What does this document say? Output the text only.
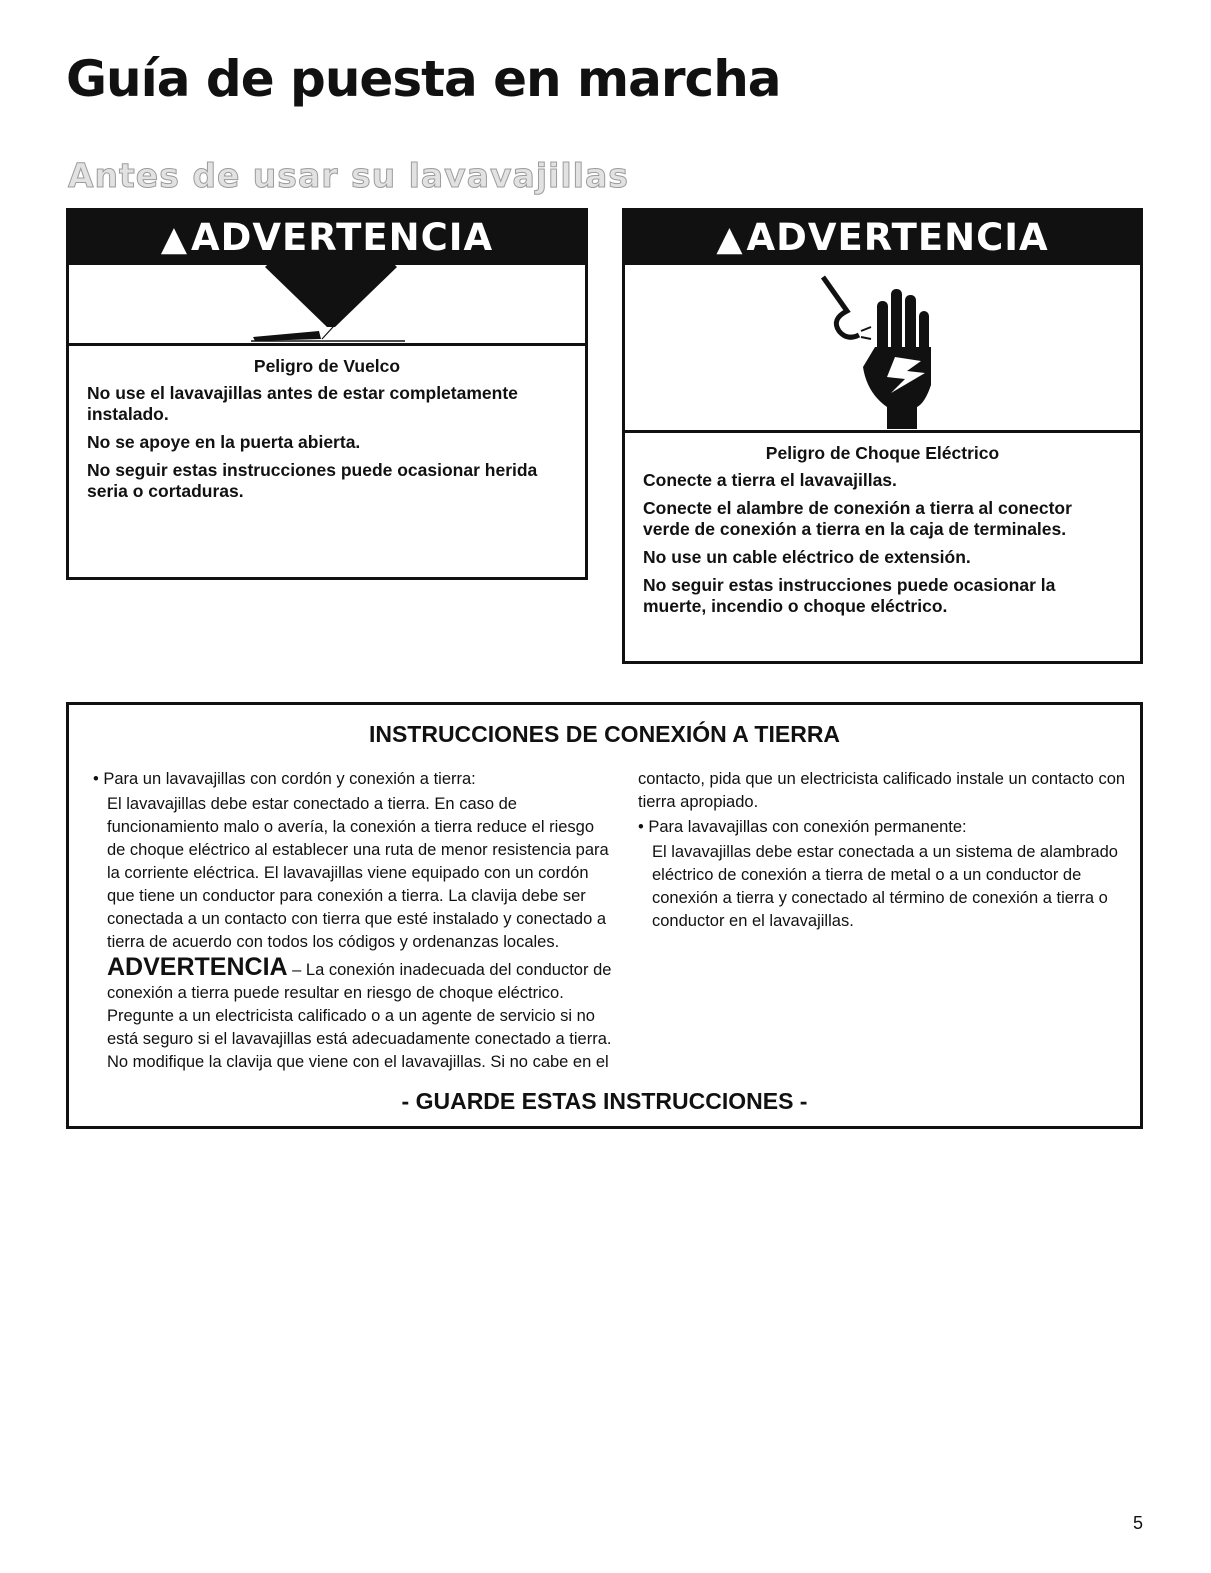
Guía de puesta en marcha
Antes de usar su lavavajillas
▲ADVERTENCIA
Peligro de Vuelco

No use el lavavajillas antes de estar completamente instalado.

No se apoye en la puerta abierta.

No seguir estas instrucciones puede ocasionar herida seria o cortaduras.

▲ADVERTENCIA
Peligro de Choque Eléctrico

Conecte a tierra el lavavajillas.

Conecte el alambre de conexión a tierra al conector verde de conexión a tierra en la caja de terminales.

No use un cable eléctrico de extensión.

No seguir estas instrucciones puede ocasionar la muerte, incendio o choque eléctrico.

INSTRUCCIONES DE CONEXIÓN A TIERRA

• Para un lavavajillas con cordón y conexión a tierra:

El lavavajillas debe estar conectado a tierra. En caso de funcionamiento malo o avería, la conexión a tierra reduce el riesgo de choque eléctrico al establecer una ruta de menor resistencia para la corriente eléctrica. El lavavajillas viene equipado con un cordón que tiene un conductor para conexión a tierra. La clavija debe ser conectada a un contacto con tierra que esté instalado y conectado a tierra de acuerdo con todos los códigos y ordenanzas locales.

ADVERTENCIA – La conexión inadecuada del conductor de conexión a tierra puede resultar en riesgo de choque eléctrico. Pregunte a un electricista calificado o a un agente de servicio si no está seguro si el lavavajillas está adecuadamente conectado a tierra. No modifique la clavija que viene con el lavavajillas. Si no cabe en el

contacto, pida que un electricista calificado instale un contacto con tierra apropiado.

• Para lavavajillas con conexión permanente:

El lavavajillas debe estar conectada a un sistema de alambrado eléctrico de conexión a tierra de metal o a un conductor de conexión a tierra y conectado al término de conexión a tierra o conductor en el lavavajillas.

- GUARDE ESTAS INSTRUCCIONES -
5
